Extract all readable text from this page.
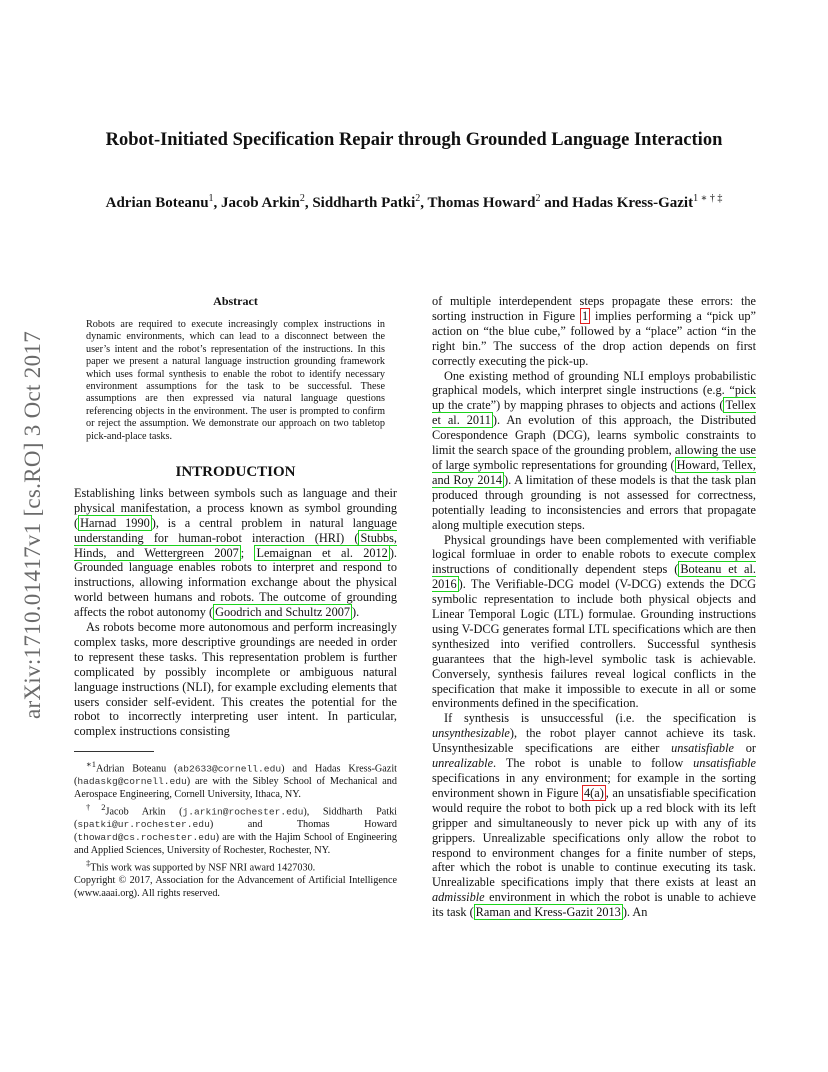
Robot-Initiated Specification Repair through Grounded Language Interaction
Adrian Boteanu$^1$, Jacob Arkin$^2$, Siddharth Patki$^2$, Thomas Howard$^2$ and Hadas Kress-Gazit$^{1 ∗ \dagger \ddagger}$
arXiv:1710.01417v1 [cs.RO] 3 Oct 2017
Abstract
Robots are required to execute increasingly complex instructions in dynamic environments, which can lead to a disconnect between the user’s intent and the robot’s representation of the instructions. In this paper we present a natural language instruction grounding framework which uses formal synthesis to enable the robot to identify necessary environment assumptions for the task to be successful. These assumptions are then expressed via natural language questions referencing objects in the environment. The user is prompted to confirm or reject the assumption. We demonstrate our approach on two tabletop pick-and-place tasks.
INTRODUCTION

Establishing links between symbols such as language and their physical manifestation, a process known as symbol grounding ( Harnad 1990 ), is a central problem in natural language understanding for human-robot interaction (HRI) ( Stubbs, Hinds, and Wettergreen 2007 ; Lemaignan et al. 2012 ). Grounded language enables robots to interpret and respond to instructions, allowing information exchange about the physical world between humans and robots. The outcome of grounding affects the robot autonomy ( Goodrich and Schultz 2007 ).

As robots become more autonomous and perform increasingly complex tasks, more descriptive groundings are needed in order to represent these tasks. This representation problem is further complicated by possibly incomplete or ambiguous natural language instructions (NLI), for example excluding elements that users consider self-evident. This creates the potential for the robot to incorrectly interpreting user intent. In particular, complex instructions consisting

$^{∗1}$Adrian Boteanu (ab2633@cornell.edu) and Hadas Kress-Gazit (hadaskg@cornell.edu) are with the Sibley School of Mechanical and Aerospace Engineering, Cornell University, Ithaca, NY.
$^{\dagger 2}$Jacob Arkin (j.arkin@rochester.edu), Siddharth Patki (spatki@ur.rochester.edu) and Thomas Howard (thoward@cs.rochester.edu) are with the Hajim School of Engineering and Applied Sciences, University of Rochester, Rochester, NY.
‡This work was supported by NSF NRI award 1427030.
Copyright © 2017, Association for the Advancement of Artificial Intelligence (www.aaai.org). All rights reserved.

of multiple interdependent steps propagate these errors: the sorting instruction in Figure 1 implies performing a “pick up” action on “the blue cube,” followed by a “place” action “in the right bin.” The success of the drop action depends on first correctly executing the pick-up.

One existing method of grounding NLI employs probabilistic graphical models, which interpret single instructions (e.g. “pick up the crate”) by mapping phrases to objects and actions ( Tellex et al. 2011 ). An evolution of this approach, the Distributed Corespondence Graph (DCG), learns symbolic constraints to limit the search space of the grounding problem, allowing the use of large symbolic representations for grounding ( Howard, Tellex, and Roy 2014 ). A limitation of these models is that the task plan produced through grounding is not assessed for correctness, potentially leading to inconsistencies and errors that propagate along multiple execution steps.

Physical groundings have been complemented with verifiable logical formluae in order to enable robots to execute complex instructions of conditionally dependent steps ( Boteanu et al. 2016 ). The Verifiable-DCG model (V-DCG) extends the DCG symbolic representation to include both physical objects and Linear Temporal Logic (LTL) formulae. Grounding instructions using V-DCG generates formal LTL specifications which are then synthesized into verified controllers. Successful synthesis guarantees that the high-level symbolic task is achievable. Conversely, synthesis failures reveal logical conflicts in the specification that make it impossible to execute in all or some environments defined in the specification.

If synthesis is unsuccessful (i.e. the specification is unsynthesizable), the robot player cannot achieve its task. Unsynthesizable specifications are either unsatisfiable or unrealizable. The robot is unable to follow unsatisfiable specifications in any environment; for example in the sorting environment shown in Figure 4(a) , an unsatisfiable specification would require the robot to both pick up a red block with its left gripper and simultaneously to never pick up with any of its grippers. Unrealizable specifications only allow the robot to respond to environment changes for a finite number of steps, after which the robot is unable to continue executing its task. Unrealizable specifications imply that there exists at least an admissible environment in which the robot is unable to achieve its task ( Raman and Kress-Gazit 2013 ). An
